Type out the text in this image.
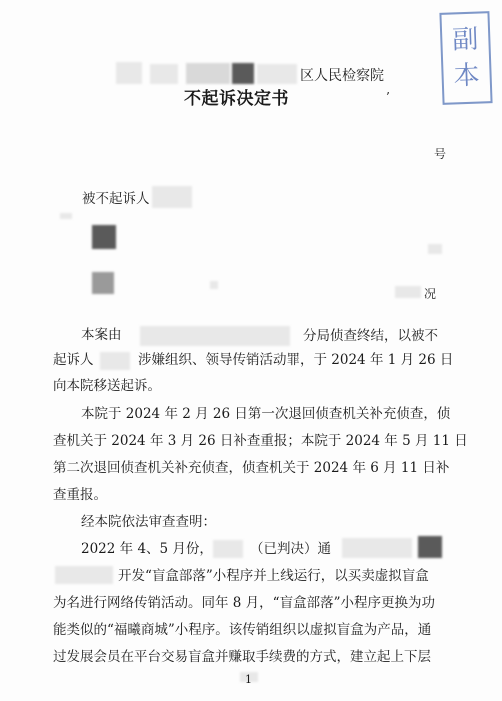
副
本
区人民检察院
不起诉决定书	’
号
被不起诉人
况
本案由	分局侦查终结，以被不
起诉人	涉嫌组织、领导传销活动罪，于 2024 年 1 月 26 日
向本院移送起诉。
本院于 2024 年 2 月 26 日第一次退回侦查机关补充侦查，侦
查机关于 2024 年 3 月 26 日补查重报；本院于 2024 年 5 月 11 日
第二次退回侦查机关补充侦查，侦查机关于 2024 年 6 月 11 日补
查重报。
经本院依法审查查明：
2022 年 4、5 月份，	（已判决）通
开发“盲盒部落”小程序并上线运行，以买卖虚拟盲盒
为名进行网络传销活动。同年 8 月，“盲盒部落”小程序更换为功
能类似的“福曦商城”小程序。该传销组织以虚拟盲盒为产品，通
过发展会员在平台交易盲盒并赚取手续费的方式，建立起上下层
1
